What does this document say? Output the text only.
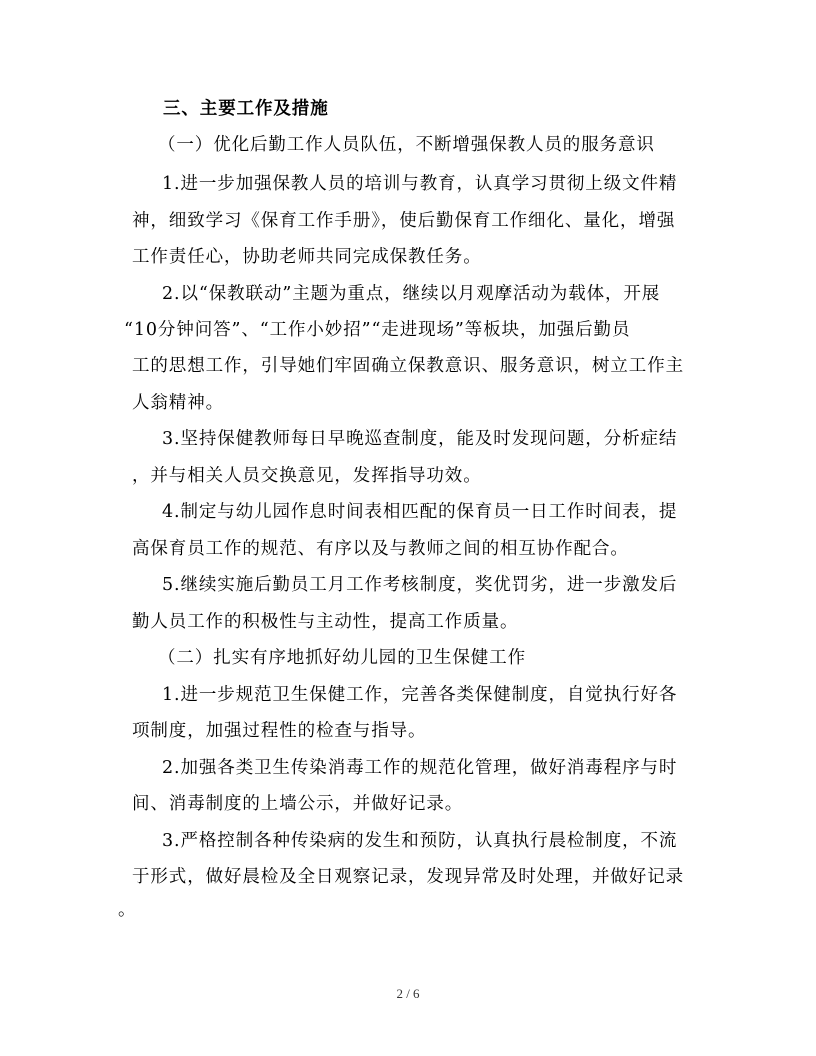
三、主要工作及措施
（一）优化后勤工作人员队伍，不断增强保教人员的服务意识
1.进一步加强保教人员的培训与教育，认真学习贯彻上级文件精
神，细致学习《保育工作手册》，使后勤保育工作细化、量化，增强
工作责任心，协助老师共同完成保教任务。
2.以“保教联动”主题为重点，继续以月观摩活动为载体，开展
“10分钟问答”、“工作小妙招”“走进现场”等板块，加强后勤员
工的思想工作，引导她们牢固确立保教意识、服务意识，树立工作主
人翁精神。
3.坚持保健教师每日早晚巡查制度，能及时发现问题，分析症结
，并与相关人员交换意见，发挥指导功效。
4.制定与幼儿园作息时间表相匹配的保育员一日工作时间表，提
高保育员工作的规范、有序以及与教师之间的相互协作配合。
5.继续实施后勤员工月工作考核制度，奖优罚劣，进一步激发后
勤人员工作的积极性与主动性，提高工作质量。
（二）扎实有序地抓好幼儿园的卫生保健工作
1.进一步规范卫生保健工作，完善各类保健制度，自觉执行好各
项制度，加强过程性的检查与指导。
2.加强各类卫生传染消毒工作的规范化管理，做好消毒程序与时
间、消毒制度的上墙公示，并做好记录。
3.严格控制各种传染病的发生和预防，认真执行晨检制度，不流
于形式，做好晨检及全日观察记录，发现异常及时处理，并做好记录
。
2 / 6
